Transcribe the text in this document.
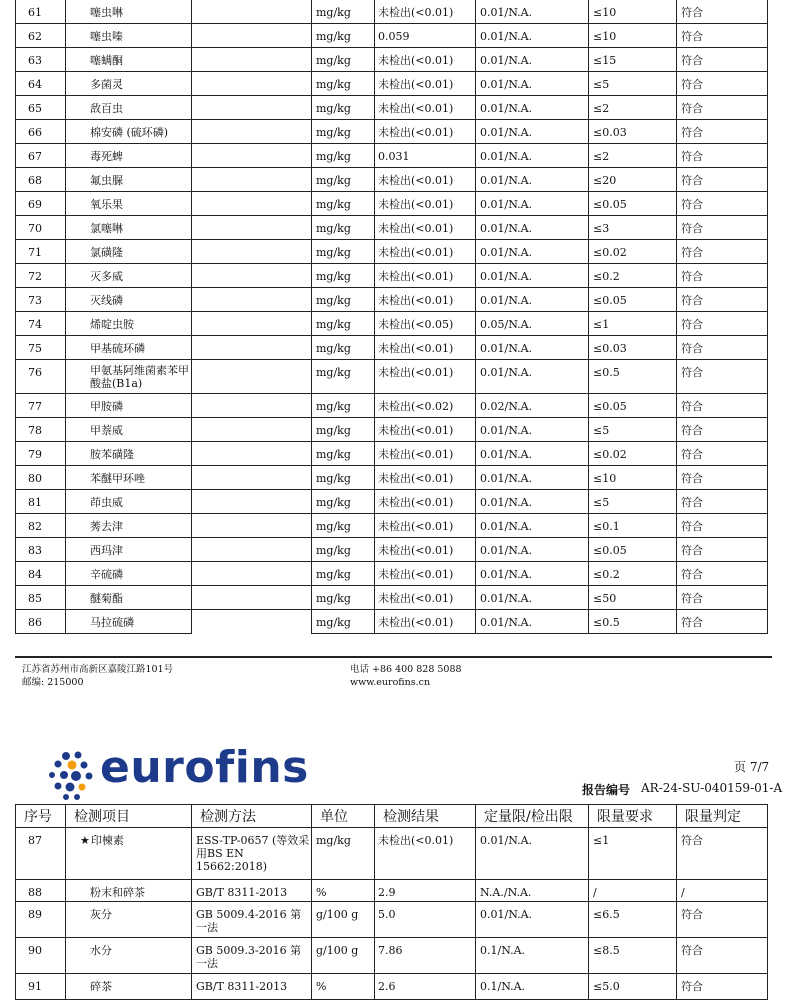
61	噻虫啉		mg/kg	未检出(<0.01)	0.01/N.A.	≤10	符合

62	噻虫嗪		mg/kg	0.059	0.01/N.A.	≤10	符合

63	噻螨酮		mg/kg	未检出(<0.01)	0.01/N.A.	≤15	符合

64	多菌灵		mg/kg	未检出(<0.01)	0.01/N.A.	≤5	符合

65	敌百虫		mg/kg	未检出(<0.01)	0.01/N.A.	≤2	符合

66	棉安磷 (硫环磷)		mg/kg	未检出(<0.01)	0.01/N.A.	≤0.03	符合

67	毒死蜱		mg/kg	0.031	0.01/N.A.	≤2	符合

68	氟虫脲		mg/kg	未检出(<0.01)	0.01/N.A.	≤20	符合

69	氧乐果		mg/kg	未检出(<0.01)	0.01/N.A.	≤0.05	符合

70	氯噻啉		mg/kg	未检出(<0.01)	0.01/N.A.	≤3	符合

71	氯磺隆		mg/kg	未检出(<0.01)	0.01/N.A.	≤0.02	符合

72	灭多威		mg/kg	未检出(<0.01)	0.01/N.A.	≤0.2	符合

73	灭线磷		mg/kg	未检出(<0.01)	0.01/N.A.	≤0.05	符合

74	烯啶虫胺		mg/kg	未检出(<0.05)	0.05/N.A.	≤1	符合

75	甲基硫环磷		mg/kg	未检出(<0.01)	0.01/N.A.	≤0.03	符合

76	甲氨基阿维菌素苯甲酸盐(B1a)		mg/kg	未检出(<0.01)	0.01/N.A.	≤0.5	符合

77	甲胺磷		mg/kg	未检出(<0.02)	0.02/N.A.	≤0.05	符合

78	甲萘威		mg/kg	未检出(<0.01)	0.01/N.A.	≤5	符合

79	胺苯磺隆		mg/kg	未检出(<0.01)	0.01/N.A.	≤0.02	符合

80	苯醚甲环唑		mg/kg	未检出(<0.01)	0.01/N.A.	≤10	符合

81	茚虫威		mg/kg	未检出(<0.01)	0.01/N.A.	≤5	符合

82	莠去津		mg/kg	未检出(<0.01)	0.01/N.A.	≤0.1	符合

83	西玛津		mg/kg	未检出(<0.01)	0.01/N.A.	≤0.05	符合

84	辛硫磷		mg/kg	未检出(<0.01)	0.01/N.A.	≤0.2	符合

85	醚菊酯		mg/kg	未检出(<0.01)	0.01/N.A.	≤50	符合

86	马拉硫磷		mg/kg	未检出(<0.01)	0.01/N.A.	≤0.5	符合
江苏省苏州市高新区嘉陵江路101号
邮编: 215000
电话 +86 400 828 5088
www.eurofins.cn
eurofins	页 7/7
报告编号 AR-24-SU-040159-01-A
序号	检测项目	检测方法	单位	检测结果	定量限/检出限	限量要求	限量判定

87	★印楝素	ESS-TP-0657 (等效采用BS EN 15662:2018)	mg/kg	未检出(<0.01)	0.01/N.A.	≤1	符合

88	粉末和碎茶	GB/T 8311-2013	%	2.9	N.A./N.A.	/	/

89	灰分	GB 5009.4-2016 第一法	g/100 g	5.0	0.01/N.A.	≤6.5	符合

90	水分	GB 5009.3-2016 第一法	g/100 g	7.86	0.1/N.A.	≤8.5	符合

91	碎茶	GB/T 8311-2013	%	2.6	0.1/N.A.	≤5.0	符合
